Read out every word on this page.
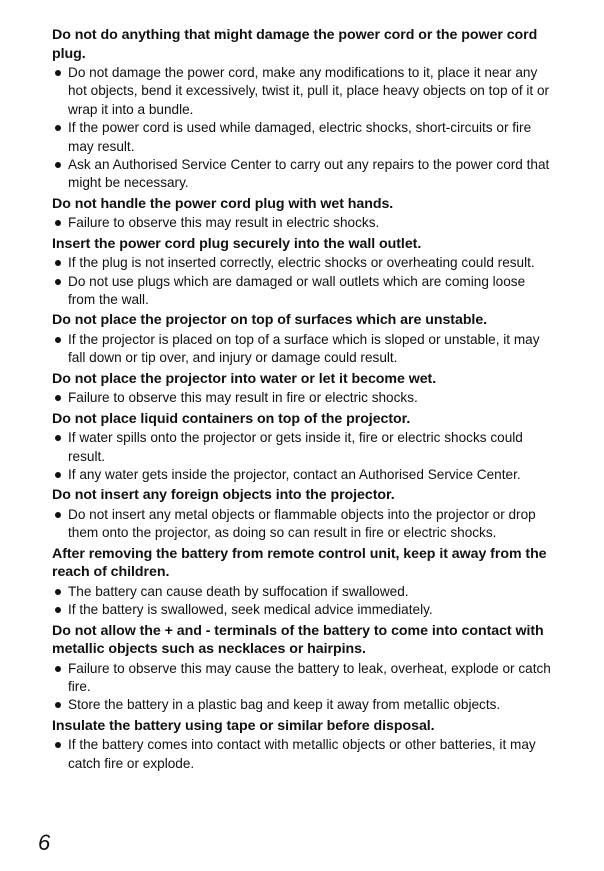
Do not do anything that might damage the power cord or the power cord plug.

Do not damage the power cord, make any modifications to it, place it near any hot objects, bend it excessively, twist it, pull it, place heavy objects on top of it or wrap it into a bundle.
If the power cord is used while damaged, electric shocks, short-circuits or fire may result.
Ask an Authorised Service Center to carry out any repairs to the power cord that might be necessary.

Do not handle the power cord plug with wet hands.

Failure to observe this may result in electric shocks.

Insert the power cord plug securely into the wall outlet.

If the plug is not inserted correctly, electric shocks or overheating could result.
Do not use plugs which are damaged or wall outlets which are coming loose from the wall.

Do not place the projector on top of surfaces which are unstable.

If the projector is placed on top of a surface which is sloped or unstable, it may fall down or tip over, and injury or damage could result.

Do not place the projector into water or let it become wet.

Failure to observe this may result in fire or electric shocks.

Do not place liquid containers on top of the projector.

If water spills onto the projector or gets inside it, fire or electric shocks could result.
If any water gets inside the projector, contact an Authorised Service Center.

Do not insert any foreign objects into the projector.

Do not insert any metal objects or flammable objects into the projector or drop them onto the projector, as doing so can result in fire or electric shocks.

After removing the battery from remote control unit, keep it away from the reach of children.

The battery can cause death by suffocation if swallowed.
If the battery is swallowed, seek medical advice immediately.

Do not allow the + and - terminals of the battery to come into contact with metallic objects such as necklaces or hairpins.

Failure to observe this may cause the battery to leak, overheat, explode or catch fire.
Store the battery in a plastic bag and keep it away from metallic objects.

Insulate the battery using tape or similar before disposal.

If the battery comes into contact with metallic objects or other batteries, it may catch fire or explode.
6
